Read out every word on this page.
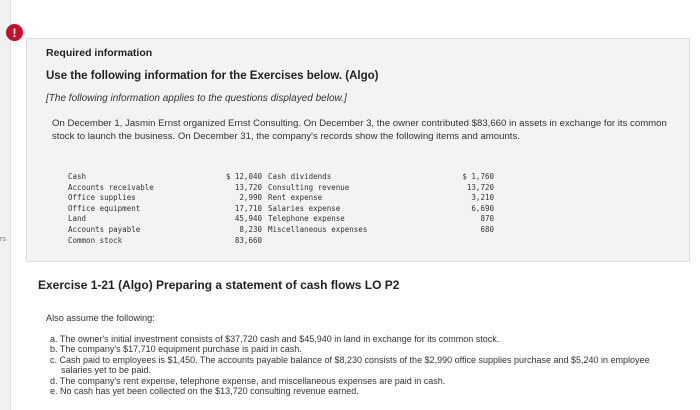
rs
!
Required information
Use the following information for the Exercises below. (Algo)
[The following information applies to the questions displayed below.]
On December 1, Jasmin Ernst organized Ernst Consulting. On December 3, the owner contributed $83,660 in assets in exchange for its common stock to launch the business. On December 31, the company's records show the following items and amounts.
Cash
Accounts receivable
Office supplies
Office equipment
Land
Accounts payable
Common stock
$ 12,040
13,720
2,990
17,710
45,940
8,230
83,660
Cash dividends
Consulting revenue
Rent expense
Salaries expense
Telephone expense
Miscellaneous expenses
$ 1,760
13,720
3,210
6,690
870
680
Exercise 1-21 (Algo) Preparing a statement of cash flows LO P2
Also assume the following:
a. The owner's initial investment consists of $37,720 cash and $45,940 in land in exchange for its common stock.
b. The company's $17,710 equipment purchase is paid in cash.
c. Cash paid to employees is $1,450. The accounts payable balance of $8,230 consists of the $2,990 office supplies purchase and $5,240 in employee salaries yet to be paid.
d. The company's rent expense, telephone expense, and miscellaneous expenses are paid in cash.
e. No cash has yet been collected on the $13,720 consulting revenue earned.
